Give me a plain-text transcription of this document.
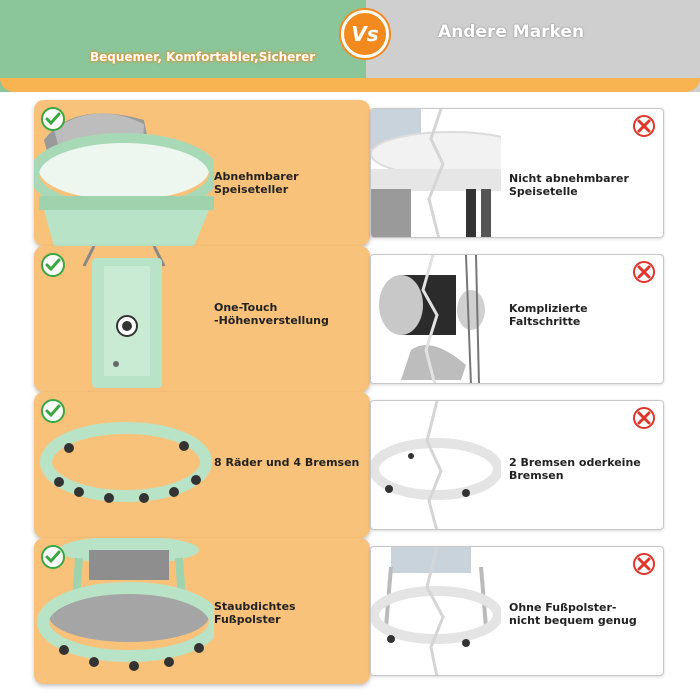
Vs
Bequemer, Komfortabler,Sicherer
Andere Marken
Abnehmbarer
Speiseteller
Nicht abnehmbarer
Speisetelle
One-Touch
-Höhenverstellung
Komplizierte Faltschritte
8 Räder und 4 Bremsen	2 Bremsen oderkeine
Bremsen
Staubdichtes Fußpolster
Ohne Fußpolster-
nicht bequem genug
